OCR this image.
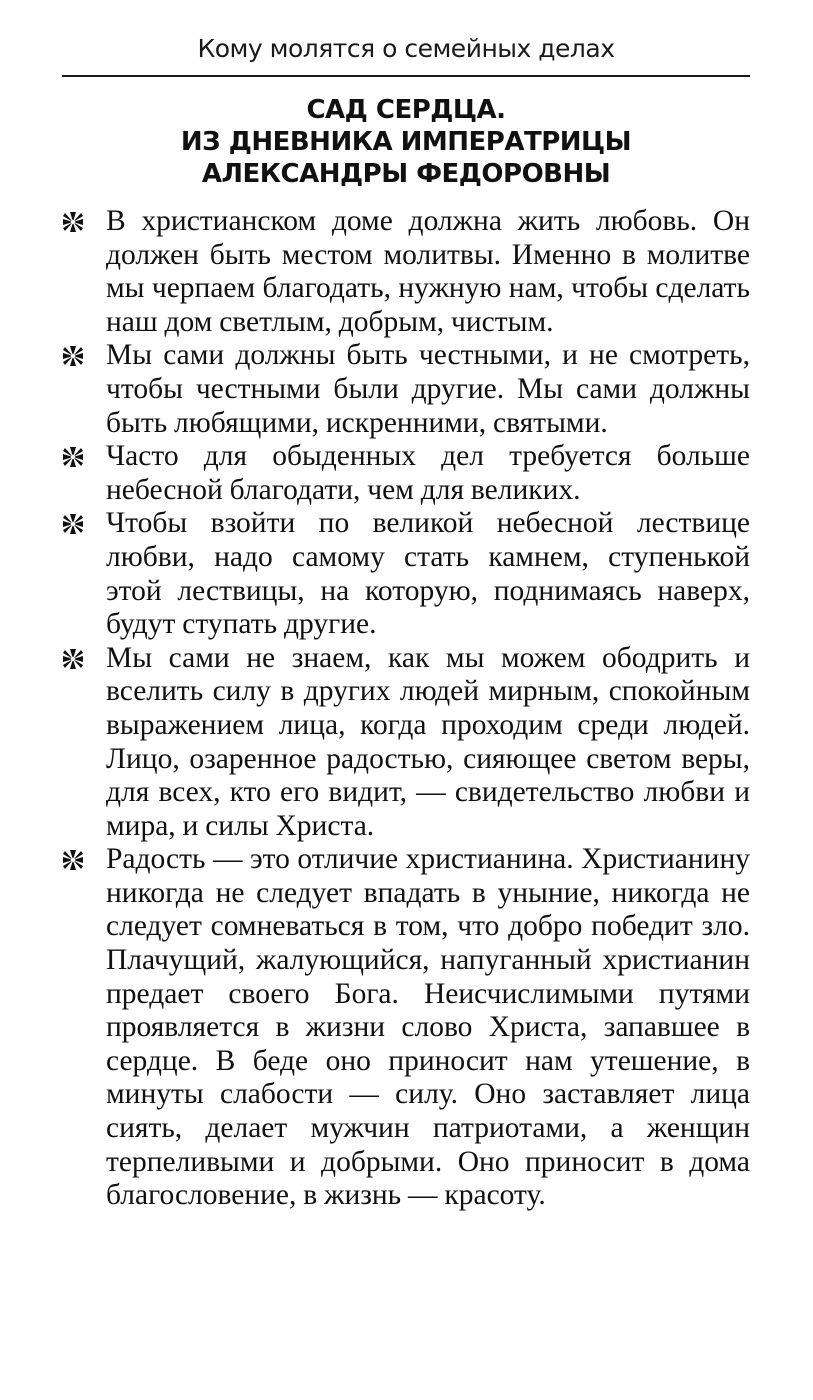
Кому молятся о семейных делах
САД СЕРДЦА.
ИЗ ДНЕВНИКА ИМПЕРАТРИЦЫ
АЛЕКСАНДРЫ ФЕДОРОВНЫ
В христианском доме должна жить любовь. Он должен быть местом молитвы. Именно в молитве мы черпаем благодать, нужную нам, чтобы сделать наш дом светлым, добрым, чистым.
Мы сами должны быть честными, и не смотреть, чтобы честными были другие. Мы сами должны быть любящими, искренними, святыми.
Часто для обыденных дел требуется больше небесной благодати, чем для великих.
Чтобы взойти по великой небесной лествице любви, надо самому стать камнем, ступенькой этой лествицы, на которую, поднимаясь наверх, будут ступать другие.
Мы сами не знаем, как мы можем ободрить и вселить силу в других людей мирным, спокойным выражением лица, когда проходим среди людей. Лицо, озаренное радостью, сияющее светом веры, для всех, кто его видит, — свидетельство любви и мира, и силы Христа.
Радость — это отличие христианина. Христианину никогда не следует впадать в уныние, никогда не следует сомневаться в том, что добро победит зло. Плачущий, жалующийся, напуганный христианин предает своего Бога. Неисчислимыми путями проявляется в жизни слово Христа, запавшее в сердце. В беде оно приносит нам утешение, в минуты слабости — силу. Оно заставляет лица сиять, делает мужчин патриотами, а женщин терпеливыми и добрыми. Оно приносит в дома благословение, в жизнь — красоту.
